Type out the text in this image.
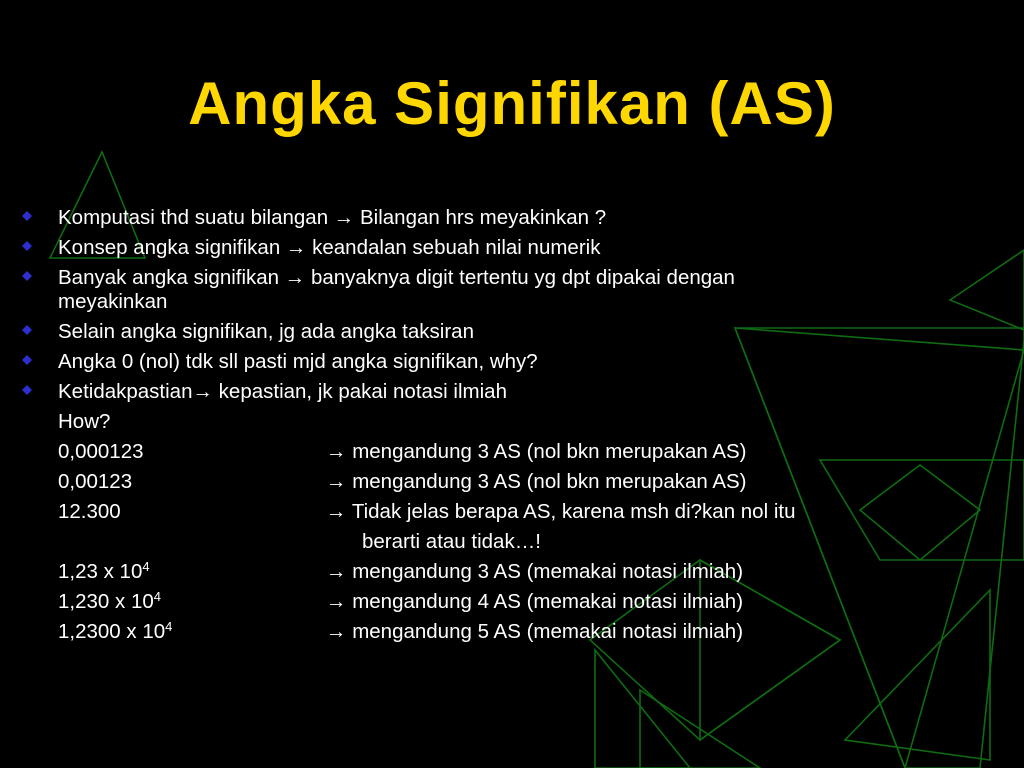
Angka Signifikan (AS)
Komputasi thd suatu bilangan → Bilangan hrs meyakinkan ?
Konsep angka signifikan → keandalan sebuah nilai numerik
Banyak angka signifikan → banyaknya digit tertentu yg dpt dipakai dengan
meyakinkan
Selain angka signifikan, jg ada angka taksiran
Angka 0 (nol) tdk sll pasti mjd angka signifikan, why?
Ketidakpastian→ kepastian, jk pakai notasi ilmiah
How?
0,000123	→ mengandung 3 AS (nol bkn merupakan AS)
0,00123	→ mengandung 3 AS (nol bkn merupakan AS)
12.300	→ Tidak jelas berapa AS, karena msh di?kan nol itu
berarti atau tidak…!
1,23 x $10^4$	→ mengandung 3 AS (memakai notasi ilmiah)
1,230 x $10^4$	→ mengandung 4 AS (memakai notasi ilmiah)
1,2300 x $10^4$	→ mengandung 5 AS (memakai notasi ilmiah)
